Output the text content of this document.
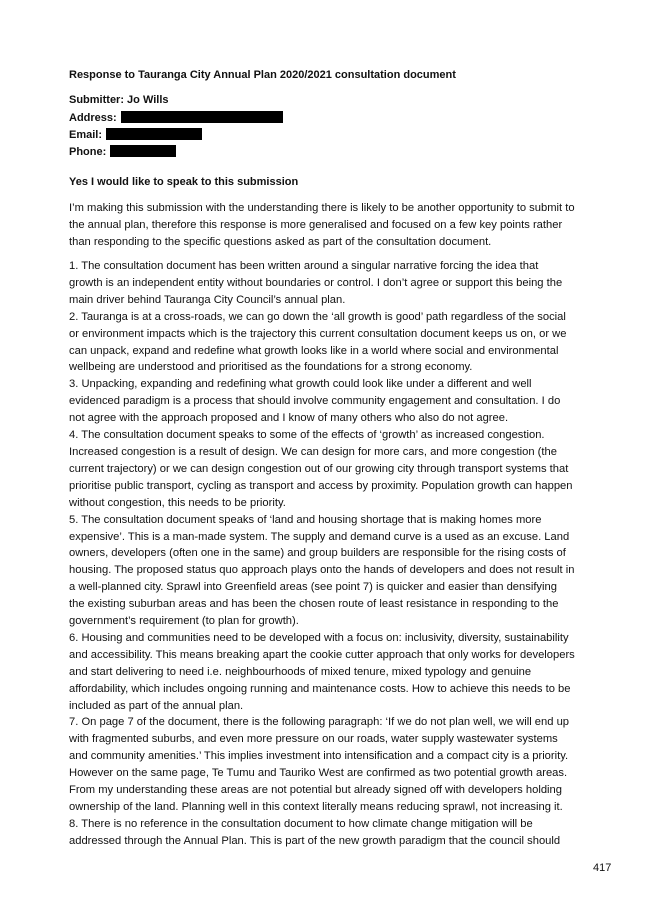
Response to Tauranga City Annual Plan 2020/2021 consultation document
Submitter: Jo Wills
Address:
Email:
Phone:
Yes I would like to speak to this submission

I’m making this submission with the understanding there is likely to be another opportunity to submit to the annual plan, therefore this response is more generalised and focused on a few key points rather than responding to the specific questions asked as part of the consultation document.

1. The consultation document has been written around a singular narrative forcing the idea that growth is an independent entity without boundaries or control. I don’t agree or support this being the main driver behind Tauranga City Council’s annual plan.

2. Tauranga is at a cross-roads, we can go down the ‘all growth is good’ path regardless of the social or environment impacts which is the trajectory this current consultation document keeps us on, or we can unpack, expand and redefine what growth looks like in a world where social and environmental wellbeing are understood and prioritised as the foundations for a strong economy.

3. Unpacking, expanding and redefining what growth could look like under a different and well evidenced paradigm is a process that should involve community engagement and consultation. I do not agree with the approach proposed and I know of many others who also do not agree.

4. The consultation document speaks to some of the effects of ‘growth’ as increased congestion. Increased congestion is a result of design. We can design for more cars, and more congestion (the current trajectory) or we can design congestion out of our growing city through transport systems that prioritise public transport, cycling as transport and access by proximity. Population growth can happen without congestion, this needs to be priority.

5. The consultation document speaks of ‘land and housing shortage that is making homes more expensive’. This is a man-made system. The supply and demand curve is a used as an excuse. Land owners, developers (often one in the same) and group builders are responsible for the rising costs of housing. The proposed status quo approach plays onto the hands of developers and does not result in a well-planned city. Sprawl into Greenfield areas (see point 7) is quicker and easier than densifying the existing suburban areas and has been the chosen route of least resistance in responding to the government’s requirement (to plan for growth).

6. Housing and communities need to be developed with a focus on: inclusivity, diversity, sustainability and accessibility. This means breaking apart the cookie cutter approach that only works for developers and start delivering to need i.e. neighbourhoods of mixed tenure, mixed typology and genuine affordability, which includes ongoing running and maintenance costs. How to achieve this needs to be included as part of the annual plan.

7. On page 7 of the document, there is the following paragraph: ‘If we do not plan well, we will end up with fragmented suburbs, and even more pressure on our roads, water supply wastewater systems and community amenities.’ This implies investment into intensification and a compact city is a priority. However on the same page, Te Tumu and Tauriko West are confirmed as two potential growth areas. From my understanding these areas are not potential but already signed off with developers holding ownership of the land. Planning well in this context literally means reducing sprawl, not increasing it.

8. There is no reference in the consultation document to how climate change mitigation will be addressed through the Annual Plan. This is part of the new growth paradigm that the council should

417
